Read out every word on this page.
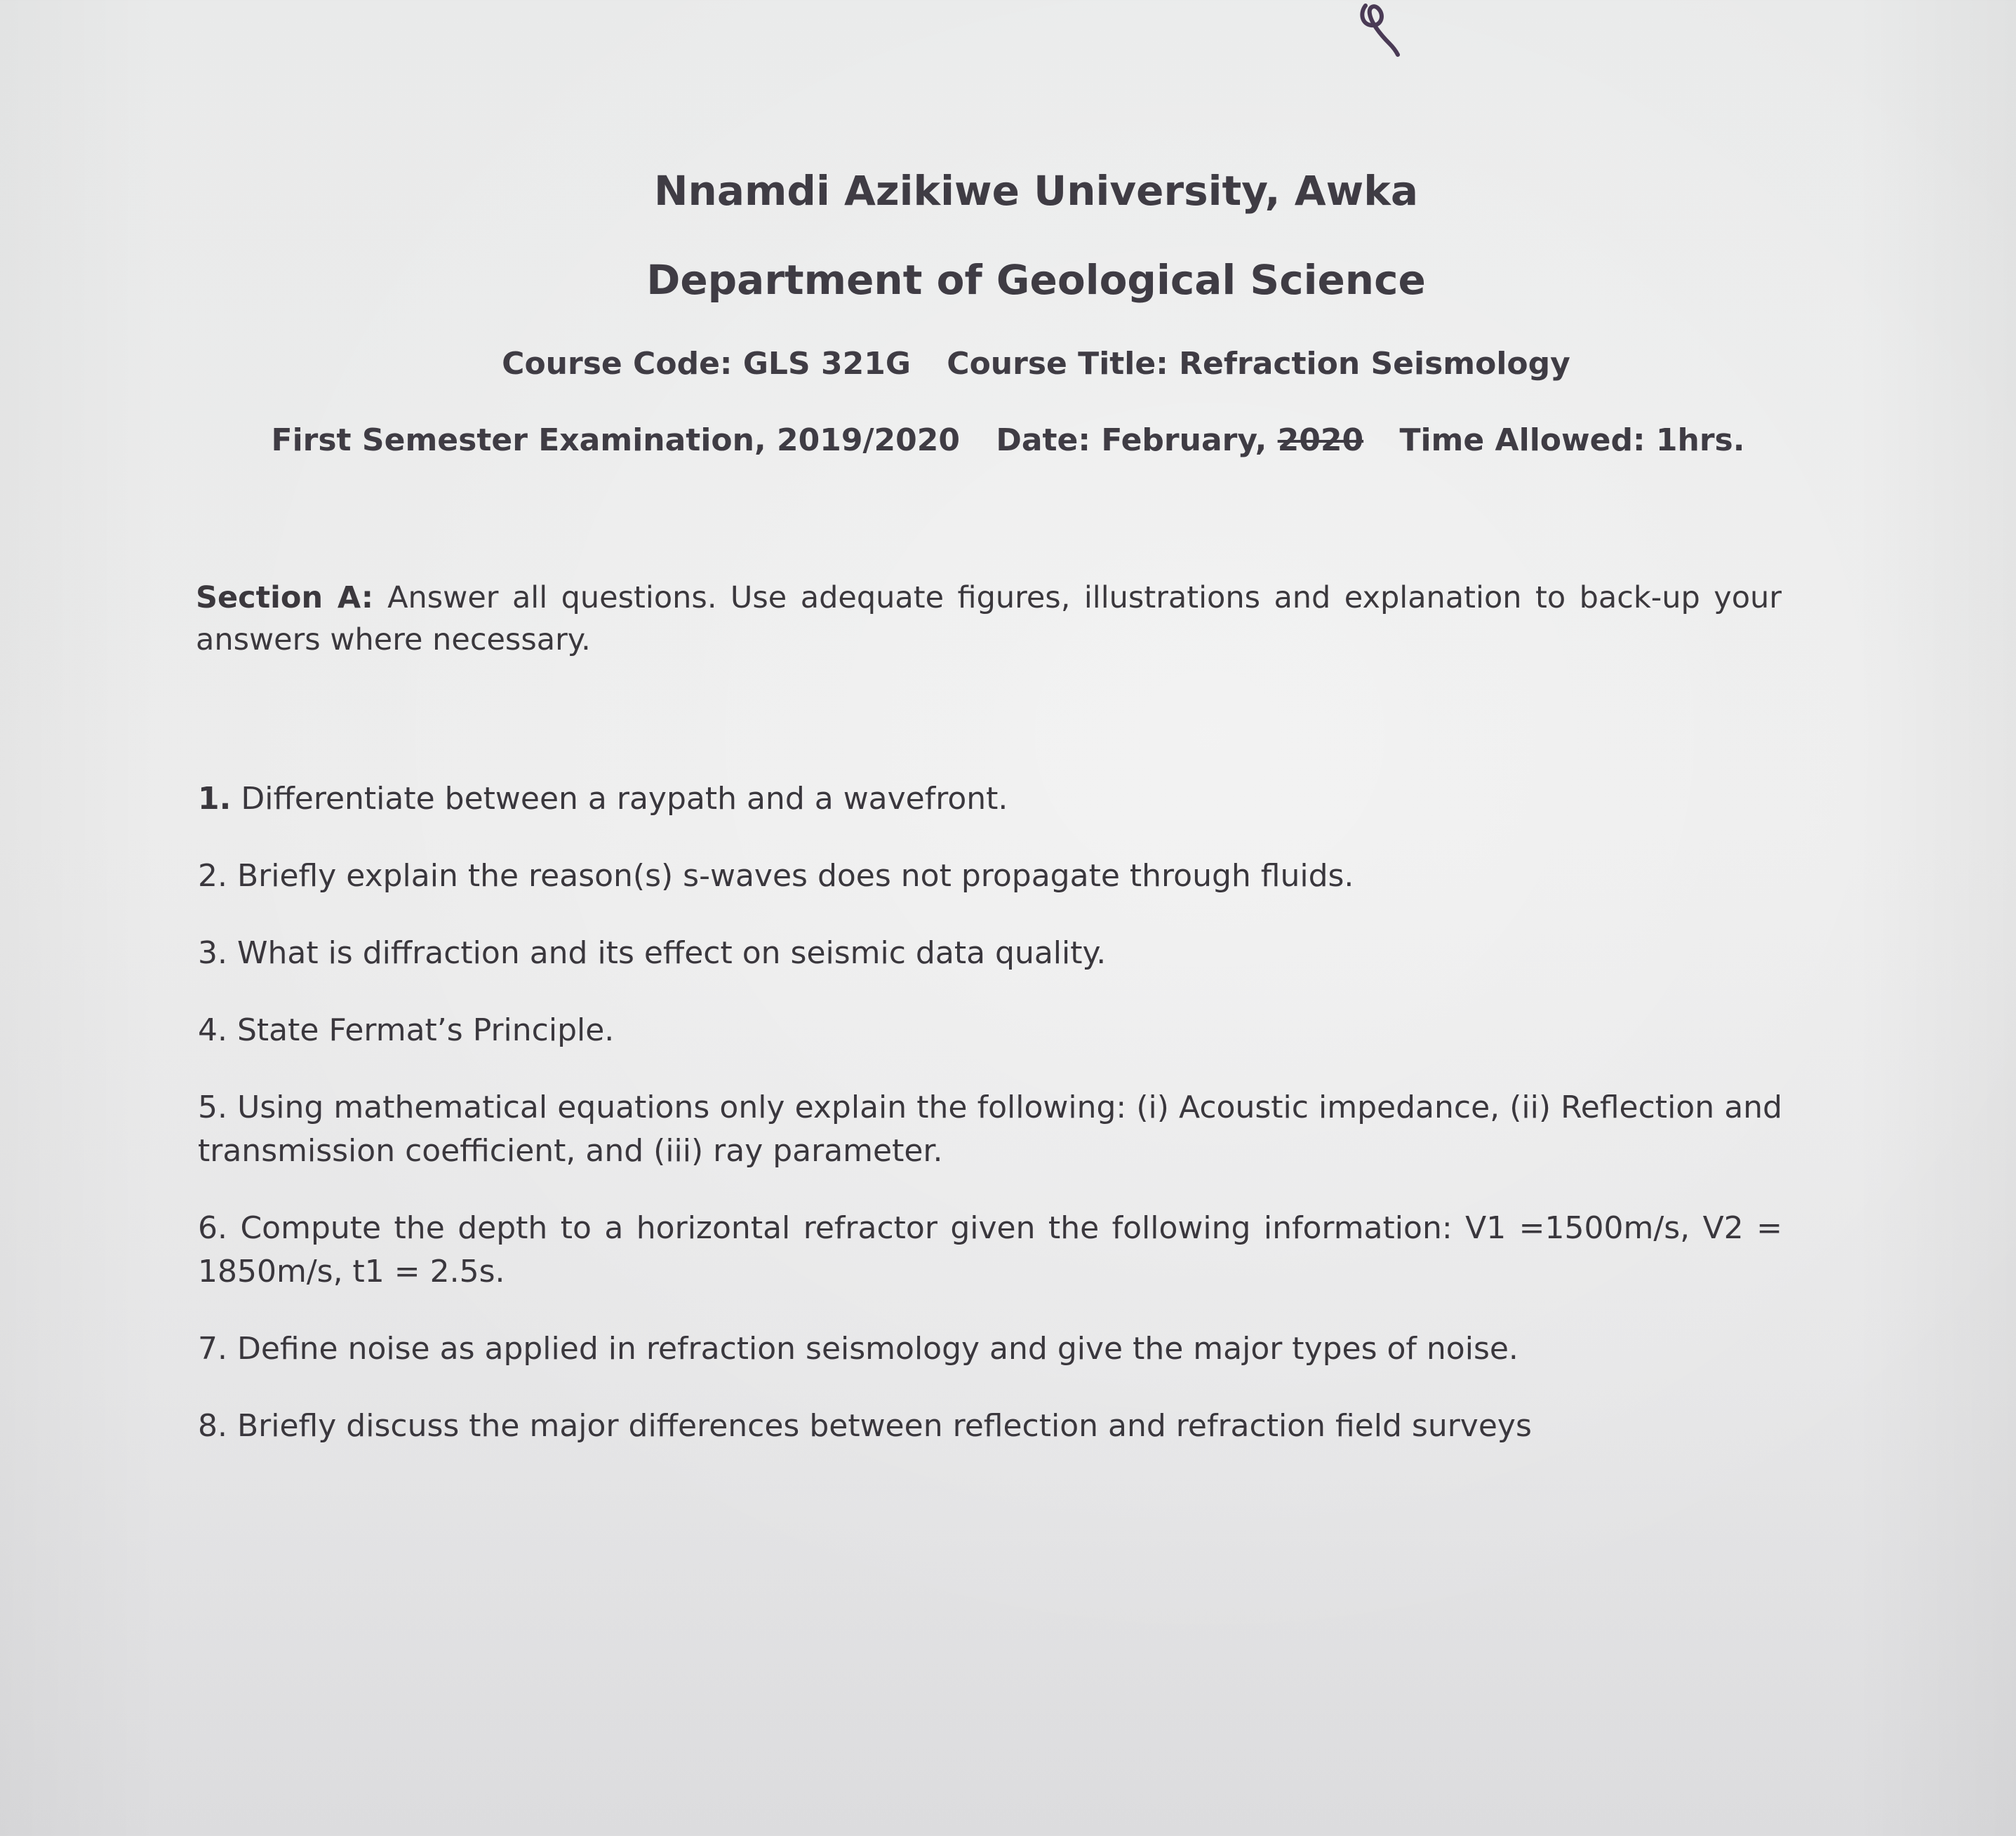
Nnamdi Azikiwe University, Awka
Department of Geological Science
Course Code: GLS 321G Course Title: Refraction Seismology
First Semester Examination, 2019/2020 Date: February, 2020 Time Allowed: 1hrs.
Section A: Answer all questions. Use adequate figures, illustrations and explanation to back-up your answers where necessary.
1. Differentiate between a raypath and a wavefront.
2. Briefly explain the reason(s) s-waves does not propagate through fluids.
3. What is diffraction and its effect on seismic data quality.
4. State Fermat’s Principle.
5. Using mathematical equations only explain the following: (i) Acoustic impedance, (ii) Reflection and transmission coefficient, and (iii) ray parameter.
6. Compute the depth to a horizontal refractor given the following information: V1 =1500m/s, V2 = 1850m/s, t1 = 2.5s.
7. Define noise as applied in refraction seismology and give the major types of noise.
8. Briefly discuss the major differences between reflection and refraction field surveys
